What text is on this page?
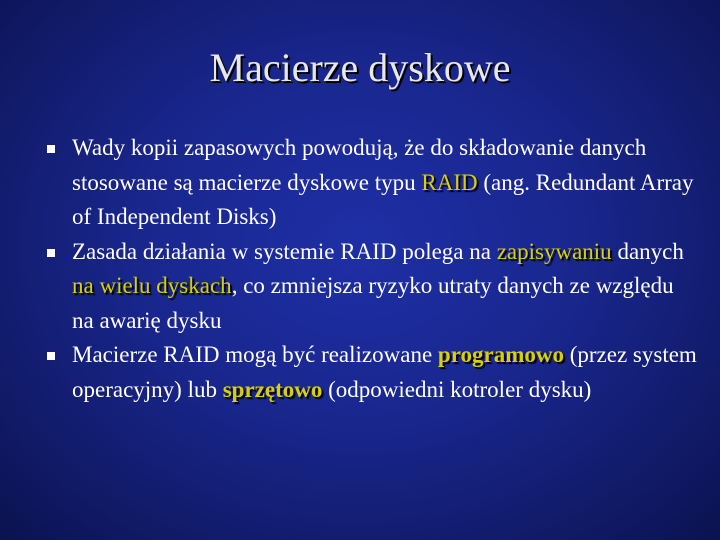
Macierze dyskowe
Wady kopii zapasowych powodują, że do składowanie danych stosowane są macierze dyskowe typu RAID (ang. Redundant Array of Independent Disks)
Zasada działania w systemie RAID polega na zapisywaniu danych na wielu dyskach, co zmniejsza ryzyko utraty danych ze względu na awarię dysku
Macierze RAID mogą być realizowane programowo (przez system operacyjny) lub sprzętowo (odpowiedni kotroler dysku)
